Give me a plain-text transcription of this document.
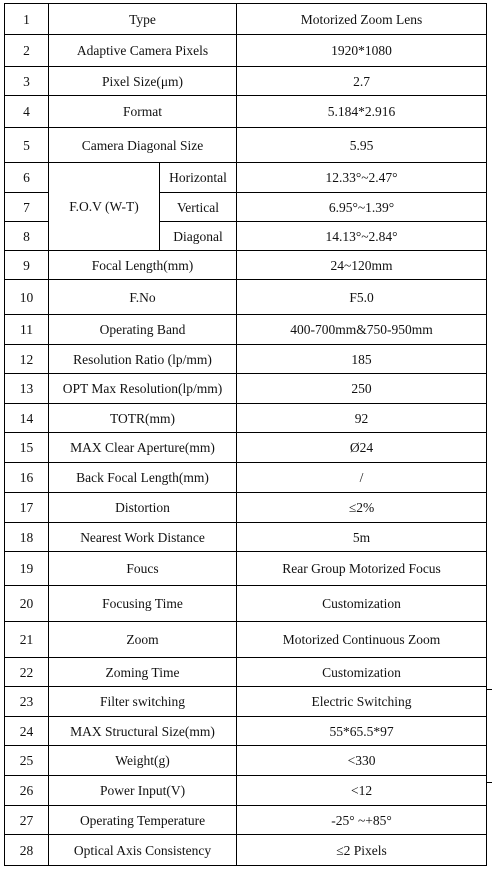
1	Type		Motorized Zoom Lens
2	Adaptive Camera Pixels		1920*1080
3	Pixel Size(μm)		2.7
4	Format		5.184*2.916
5	Camera Diagonal Size		5.95
6	F.O.V (W-T)	Horizontal	12.33°~2.47°
7		Vertical	6.95°~1.39°
8		Diagonal	14.13°~2.84°
9	Focal Length(mm)		24~120mm
10	F.No		F5.0
11	Operating Band		400-700mm&750-950mm
12	Resolution Ratio (lp/mm)		185
13	OPT Max Resolution(lp/mm)		250
14	TOTR(mm)		92
15	MAX Clear Aperture(mm)		Ø24
16	Back Focal Length(mm)		/
17	Distortion		≤2%
18	Nearest Work Distance		5m
19	Foucs		Rear Group Motorized Focus
20	Focusing Time		Customization
21	Zoom		Motorized Continuous Zoom
22	Zoming Time		Customization
23	Filter switching		Electric Switching
24	MAX Structural Size(mm)		55*65.5*97
25	Weight(g)		<330
26	Power Input(V)		<12
27	Operating Temperature		-25° ~+85°
28	Optical Axis Consistency		≤2 Pixels
